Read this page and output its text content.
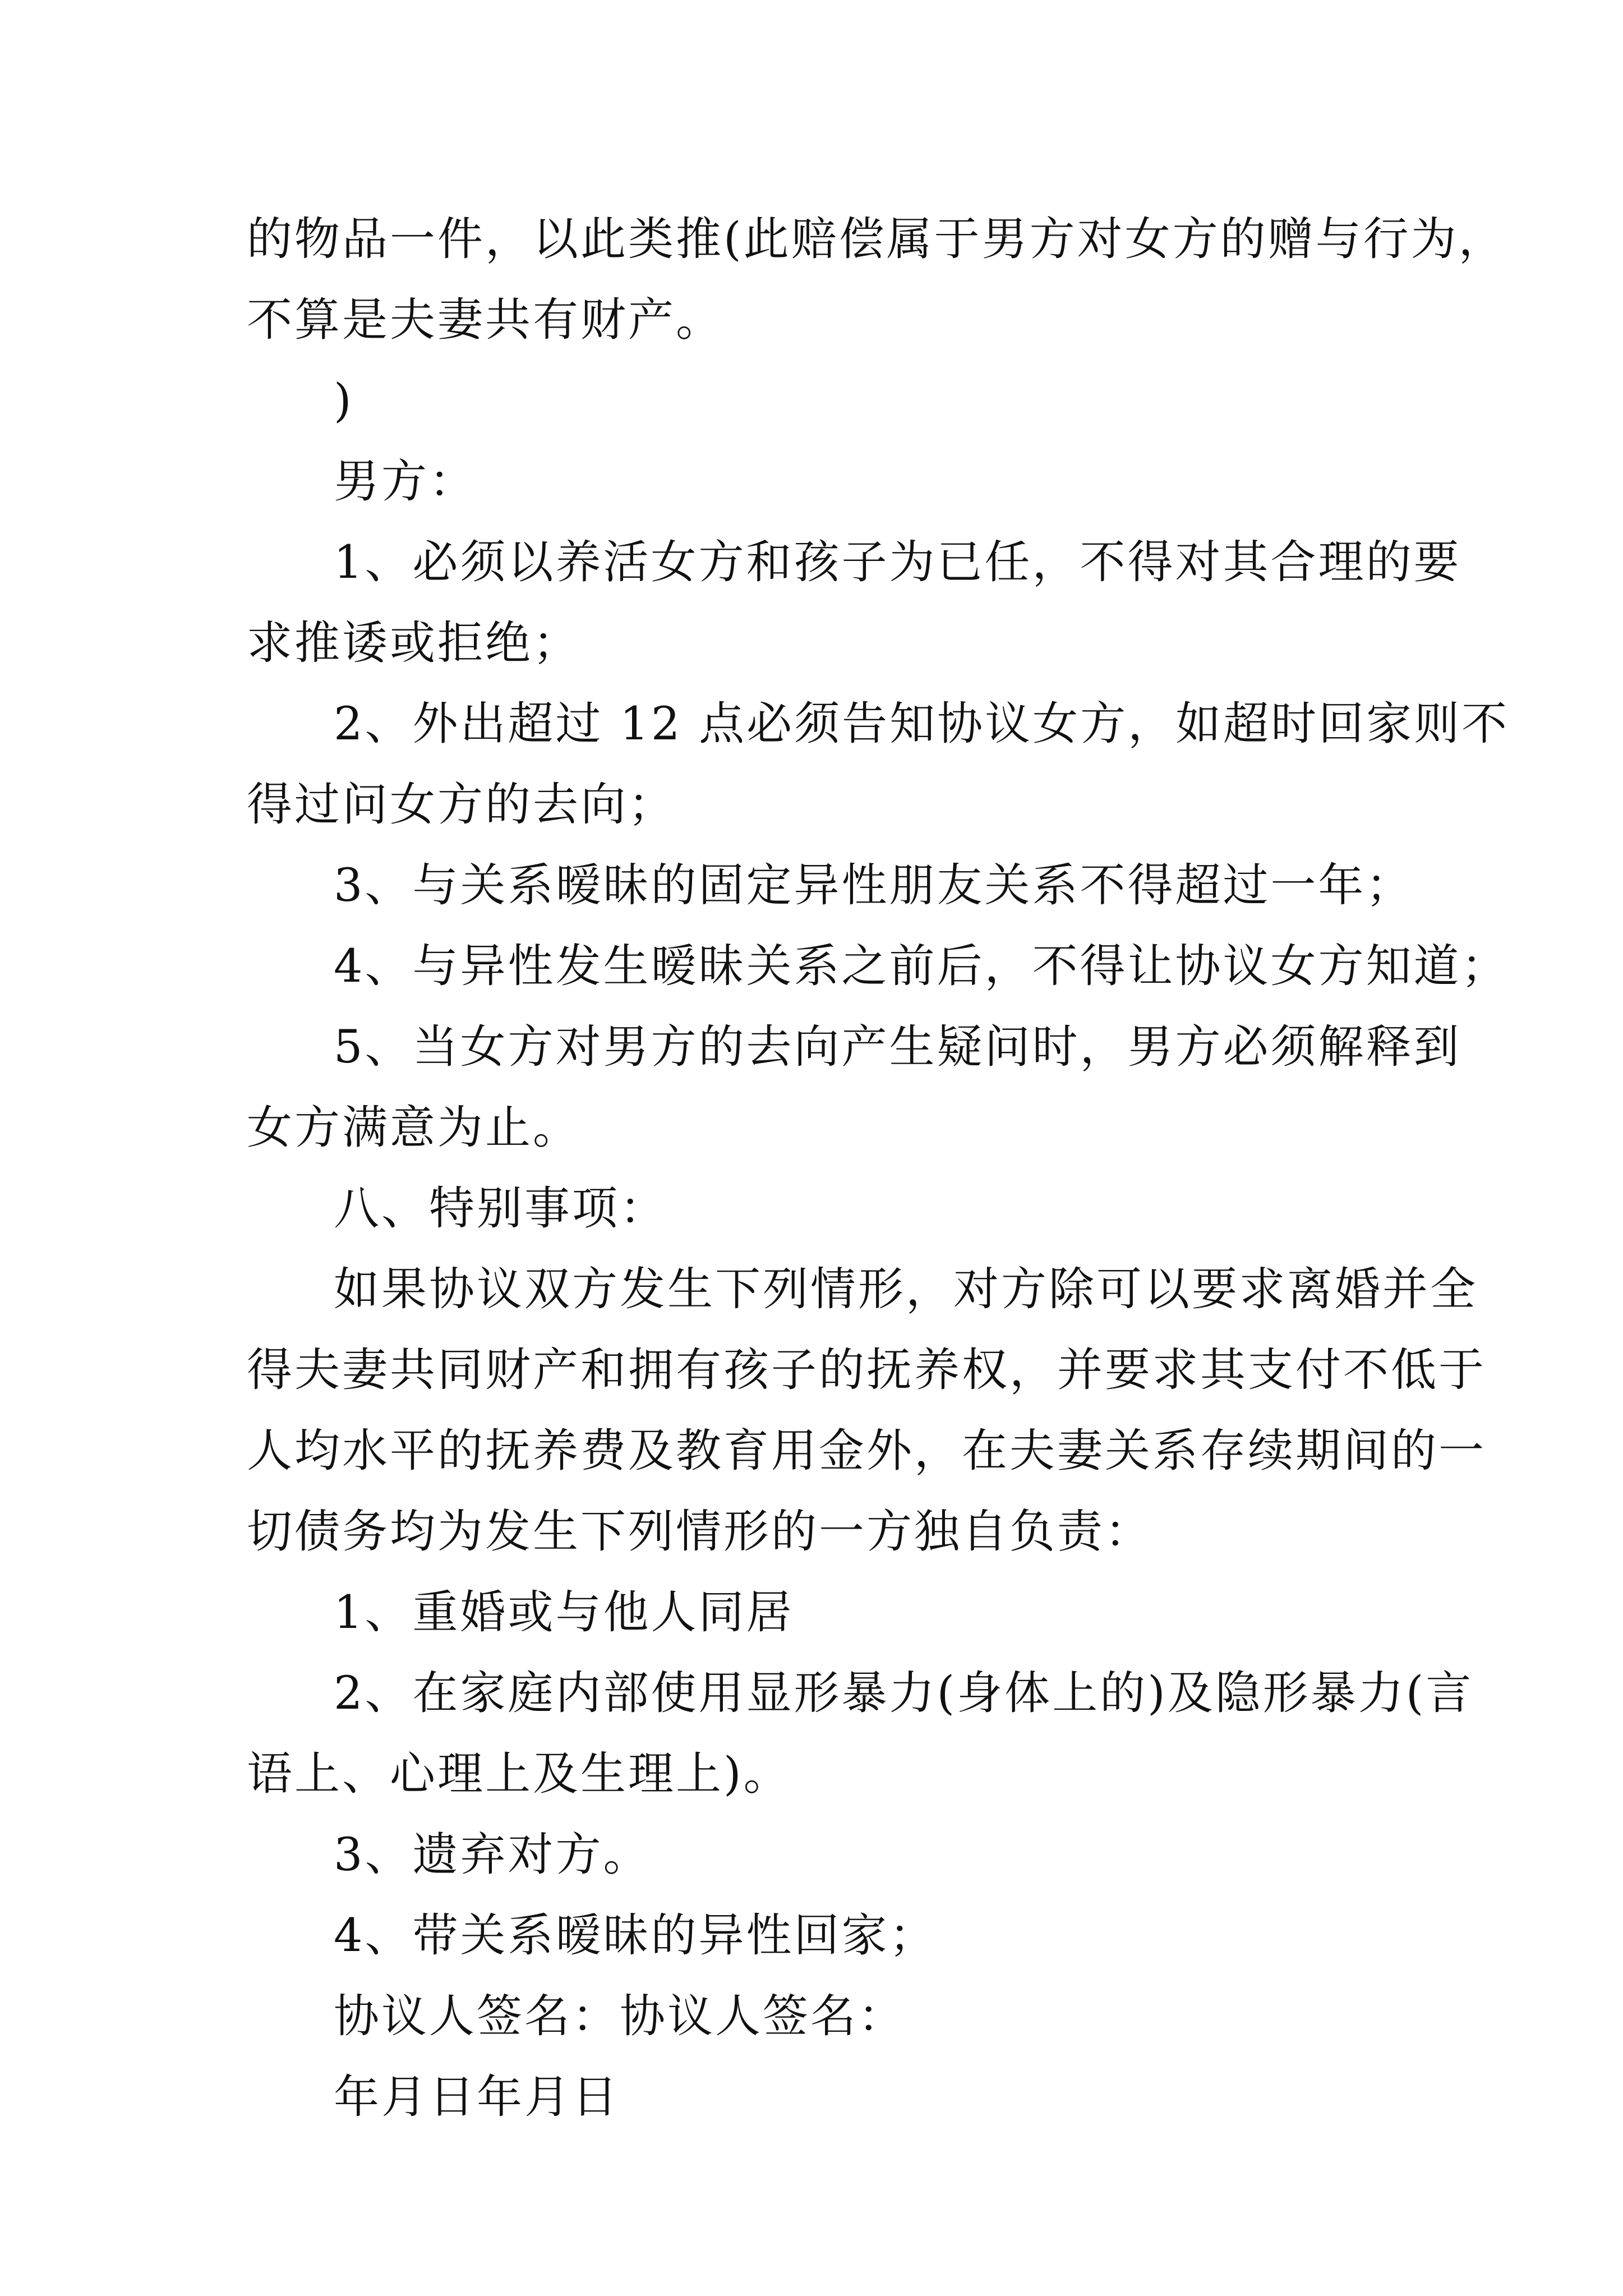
的物品一件，以此类推(此赔偿属于男方对女方的赠与行为，

不算是夫妻共有财产。

)

男方：

1、必须以养活女方和孩子为已任，不得对其合理的要

求推诿或拒绝；

2、外出超过 12 点必须告知协议女方，如超时回家则不

得过问女方的去向；

3、与关系暧昧的固定异性朋友关系不得超过一年；

4、与异性发生暧昧关系之前后，不得让协议女方知道；

5、当女方对男方的去向产生疑问时，男方必须解释到

女方满意为止。

八、特别事项：

如果协议双方发生下列情形，对方除可以要求离婚并全

得夫妻共同财产和拥有孩子的抚养权，并要求其支付不低于

人均水平的抚养费及教育用金外，在夫妻关系存续期间的一

切债务均为发生下列情形的一方独自负责：

1、重婚或与他人同居

2、在家庭内部使用显形暴力(身体上的)及隐形暴力(言

语上、心理上及生理上)。

3、遗弃对方。

4、带关系暧昧的异性回家；

协议人签名：协议人签名：

年月日年月日
